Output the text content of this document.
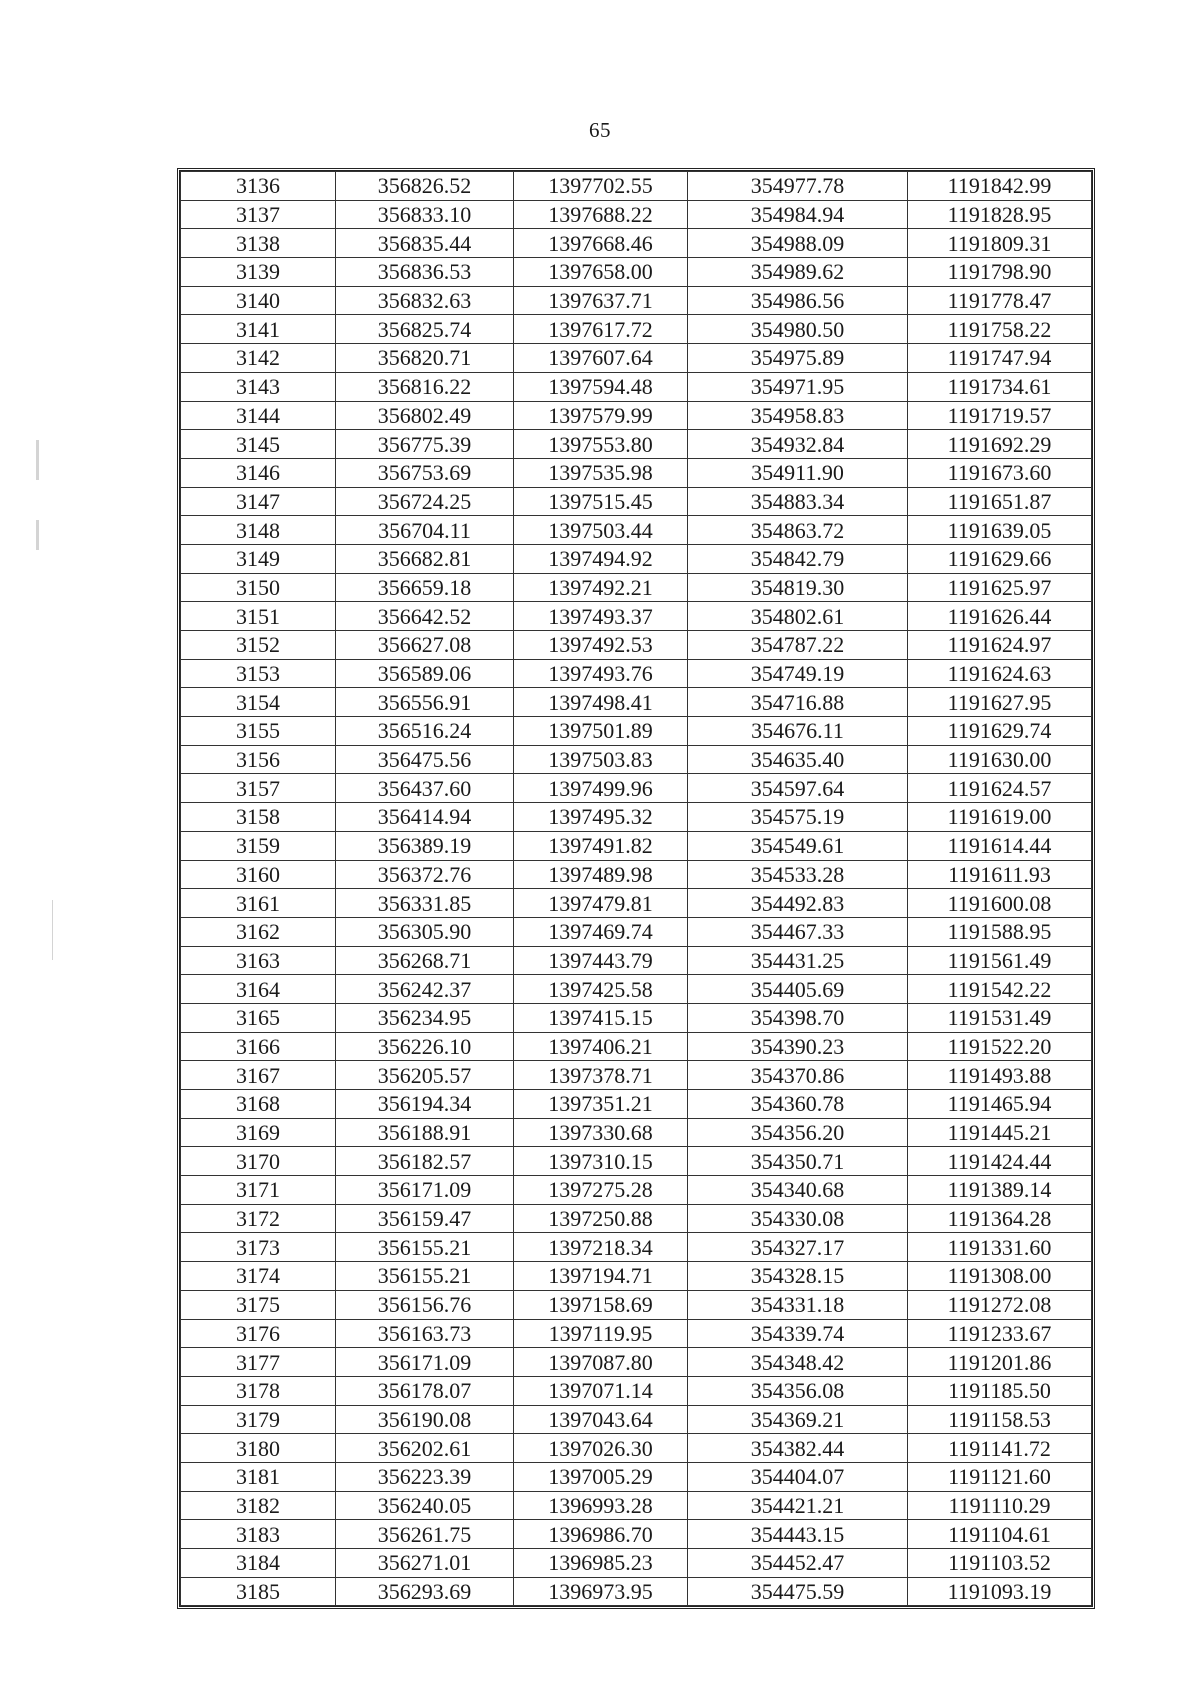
65
3136	356826.52	1397702.55	354977.78	1191842.99
3137	356833.10	1397688.22	354984.94	1191828.95
3138	356835.44	1397668.46	354988.09	1191809.31
3139	356836.53	1397658.00	354989.62	1191798.90
3140	356832.63	1397637.71	354986.56	1191778.47
3141	356825.74	1397617.72	354980.50	1191758.22
3142	356820.71	1397607.64	354975.89	1191747.94
3143	356816.22	1397594.48	354971.95	1191734.61
3144	356802.49	1397579.99	354958.83	1191719.57
3145	356775.39	1397553.80	354932.84	1191692.29
3146	356753.69	1397535.98	354911.90	1191673.60
3147	356724.25	1397515.45	354883.34	1191651.87
3148	356704.11	1397503.44	354863.72	1191639.05
3149	356682.81	1397494.92	354842.79	1191629.66
3150	356659.18	1397492.21	354819.30	1191625.97
3151	356642.52	1397493.37	354802.61	1191626.44
3152	356627.08	1397492.53	354787.22	1191624.97
3153	356589.06	1397493.76	354749.19	1191624.63
3154	356556.91	1397498.41	354716.88	1191627.95
3155	356516.24	1397501.89	354676.11	1191629.74
3156	356475.56	1397503.83	354635.40	1191630.00
3157	356437.60	1397499.96	354597.64	1191624.57
3158	356414.94	1397495.32	354575.19	1191619.00
3159	356389.19	1397491.82	354549.61	1191614.44
3160	356372.76	1397489.98	354533.28	1191611.93
3161	356331.85	1397479.81	354492.83	1191600.08
3162	356305.90	1397469.74	354467.33	1191588.95
3163	356268.71	1397443.79	354431.25	1191561.49
3164	356242.37	1397425.58	354405.69	1191542.22
3165	356234.95	1397415.15	354398.70	1191531.49
3166	356226.10	1397406.21	354390.23	1191522.20
3167	356205.57	1397378.71	354370.86	1191493.88
3168	356194.34	1397351.21	354360.78	1191465.94
3169	356188.91	1397330.68	354356.20	1191445.21
3170	356182.57	1397310.15	354350.71	1191424.44
3171	356171.09	1397275.28	354340.68	1191389.14
3172	356159.47	1397250.88	354330.08	1191364.28
3173	356155.21	1397218.34	354327.17	1191331.60
3174	356155.21	1397194.71	354328.15	1191308.00
3175	356156.76	1397158.69	354331.18	1191272.08
3176	356163.73	1397119.95	354339.74	1191233.67
3177	356171.09	1397087.80	354348.42	1191201.86
3178	356178.07	1397071.14	354356.08	1191185.50
3179	356190.08	1397043.64	354369.21	1191158.53
3180	356202.61	1397026.30	354382.44	1191141.72
3181	356223.39	1397005.29	354404.07	1191121.60
3182	356240.05	1396993.28	354421.21	1191110.29
3183	356261.75	1396986.70	354443.15	1191104.61
3184	356271.01	1396985.23	354452.47	1191103.52
3185	356293.69	1396973.95	354475.59	1191093.19
